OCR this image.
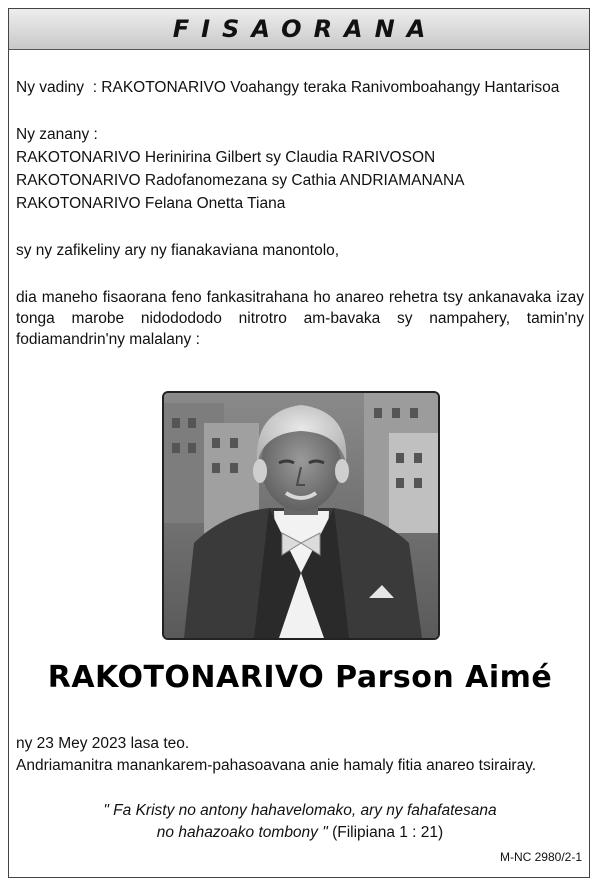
FISAORANA
Ny vadiny : RAKOTONARIVO Voahangy teraka Ranivomboahangy Hantarisoa
Ny zanany :
RAKOTONARIVO Herinirina Gilbert sy Claudia RARIVOSON
RAKOTONARIVO Radofanomezana sy Cathia ANDRIAMANANA
RAKOTONARIVO Felana Onetta Tiana
sy ny zafikeliny ary ny fianakaviana manontolo,
dia maneho fisaorana feno fankasitrahana ho anareo rehetra tsy ankanavaka izay tonga marobe nidodododo nitrotro am-bavaka sy nampahery, tamin'ny fodiamandrin'ny malalany :
RAKOTONARIVO Parson Aimé
ny 23 Mey 2023 lasa teo.
Andriamanitra manankarem-pahasoavana anie hamaly fitia anareo tsirairay.
" Fa Kristy no antony hahavelomako, ary ny fahafatesana
no hahazoako tombony " (Filipiana 1 : 21)
M-NC 2980/2-1
